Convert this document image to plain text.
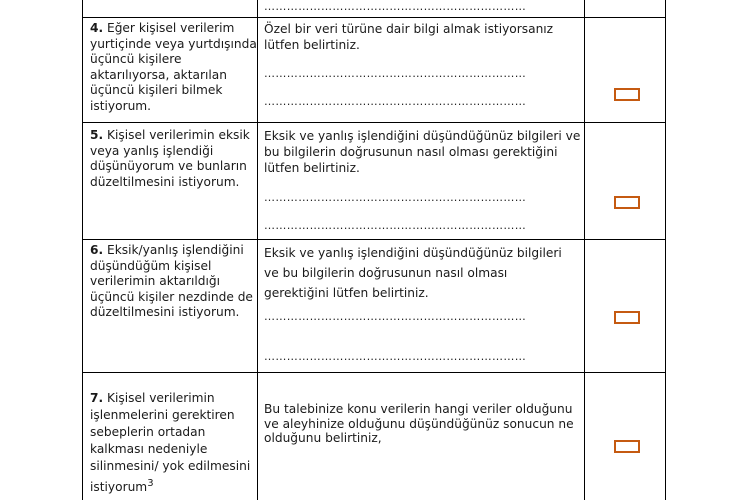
……………………………………………………………
4. Eğer kişisel verilerim yurtiçinde veya yurtdışında üçüncü kişilere aktarılıyorsa, aktarılan üçüncü kişileri bilmek istiyorum.
Özel bir veri türüne dair bilgi almak istiyorsanız lütfen belirtiniz.
……………………………………………………………
……………………………………………………………
5. Kişisel verilerimin eksik veya yanlış işlendiği düşünüyorum ve bunların düzeltilmesini istiyorum.
Eksik ve yanlış işlendiğini düşündüğünüz bilgileri ve bu bilgilerin doğrusunun nasıl olması gerektiğini lütfen belirtiniz.
……………………………………………………………
……………………………………………………………
6. Eksik/yanlış işlendiğini düşündüğüm kişisel verilerimin aktarıldığı üçüncü kişiler nezdinde de düzeltilmesini istiyorum.
Eksik ve yanlış işlendiğini düşündüğünüz bilgileri ve bu bilgilerin doğrusunun nasıl olması gerektiğini lütfen belirtiniz.
……………………………………………………………
……………………………………………………………
7. Kişisel verilerimin işlenmelerini gerektiren sebeplerin ortadan kalkması nedeniyle silinmesini/ yok edilmesini istiyorum$^3$
Bu talebinize konu verilerin hangi veriler olduğunu ve aleyhinize olduğunu düşündüğünüz sonucun ne olduğunu belirtiniz,
